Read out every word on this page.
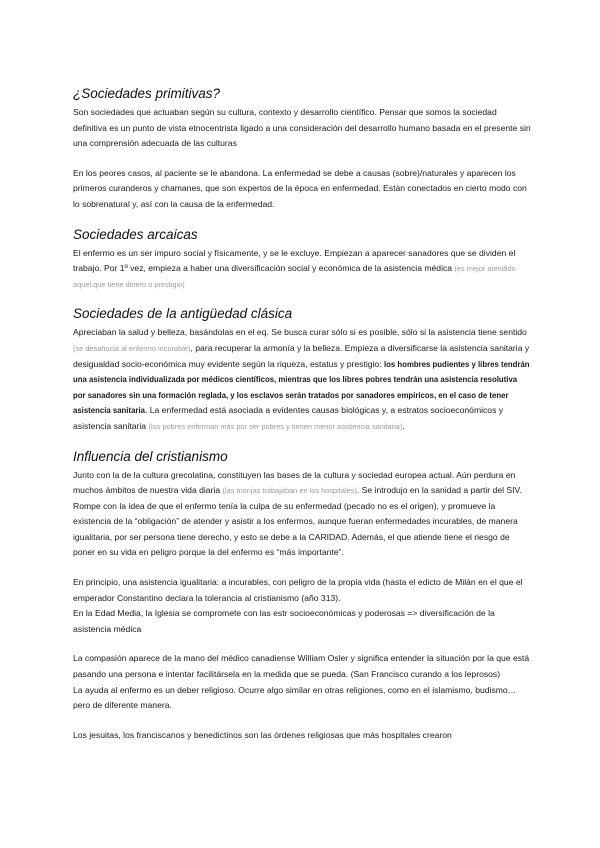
¿Sociedades primitivas?

Son sociedades que actuaban según su cultura, contexto y desarrollo científico. Pensar que somos la sociedad definitiva es un punto de vista etnocentrista ligado a una consideración del desarrollo humano basada en el presente sin una comprensión adecuada de las culturas

En los peores casos, al paciente se le abandona. La enfermedad se debe a causas (sobre)/naturales y aparecen los primeros curanderos y chamanes, que son expertos de la época en enfermedad. Están conectados en cierto modo con lo sobrenatural y, así con la causa de la enfermedad.

Sociedades arcaicas

El enfermo es un ser impuro social y físicamente, y se le excluye. Empiezan a aparecer sanadores que se dividen el trabajo. Por 1º vez, empieza a haber una diversificación social y económica de la asistencia médica (es mejor atendido aquel que tiene dinero o prestigio)

Sociedades de la antigüedad clásica

Apreciaban la salud y belleza, basándolas en el eq. Se busca curar sólo si es posible, sólo si la asistencia tiene sentido (se desahucia al enfermo incurable), para recuperar la armonía y la belleza. Empieza a diversificarse la asistencia sanitaria y desigualdad socio-económica muy evidente según la riqueza, estatus y prestigio: los hombres pudientes y libres tendrán una asistencia individualizada por médicos científicos, mientras que los libres pobres tendrán una asistencia resolutiva por sanadores sin una formación reglada, y los esclavos serán tratados por sanadores empíricos, en el caso de tener asistencia sanitaria. La enfermedad está asociada a evidentes causas biológicas y, a estratos socioeconómicos y asistencia sanitaria (los pobres enferman más por ser pobres y tienen menor asistencia sanitaria).

Influencia del cristianismo

Junto con la de la cultura grecolatina, constituyen las bases de la cultura y sociedad europea actual. Aún perdura en muchos ámbitos de nuestra vida diaria (las monjas trabajaban en los hospitales). Se introdujo en la sanidad a partir del SIV. Rompe con la idea de que el enfermo tenía la culpa de su enfermedad (pecado no es el origen), y promueve la existencia de la “obligación” de atender y asistir a los enfermos, aunque fueran enfermedades incurables, de manera igualitaria, por ser persona tiene derecho, y esto se debe a la CARIDAD. Además, el que atiende tiene el riesgo de poner en su vida en peligro porque la del enfermo es “más importante”.

En principio, una asistencia igualitaria: a incurables, con peligro de la propia vida (hasta el edicto de Milán en el que el emperador Constantino declara la tolerancia al cristianismo (año 313).

En la Edad Media, la Iglesia se compromete con las estr socioeconómicas y poderosas => diversificación de la asistencia médica

La compasión aparece de la mano del médico canadiense William Osler y significa entender la situación por la que está pasando una persona e intentar facilitársela en la medida que se pueda. (San Francisco curando a los leprosos)

La ayuda al enfermo es un deber religioso. Ocurre algo similar en otras religiones, como en el islamismo, budismo… pero de diferente manera.

Los jesuitas, los franciscanos y benedictinos son las órdenes religiosas que más hospitales crearon
